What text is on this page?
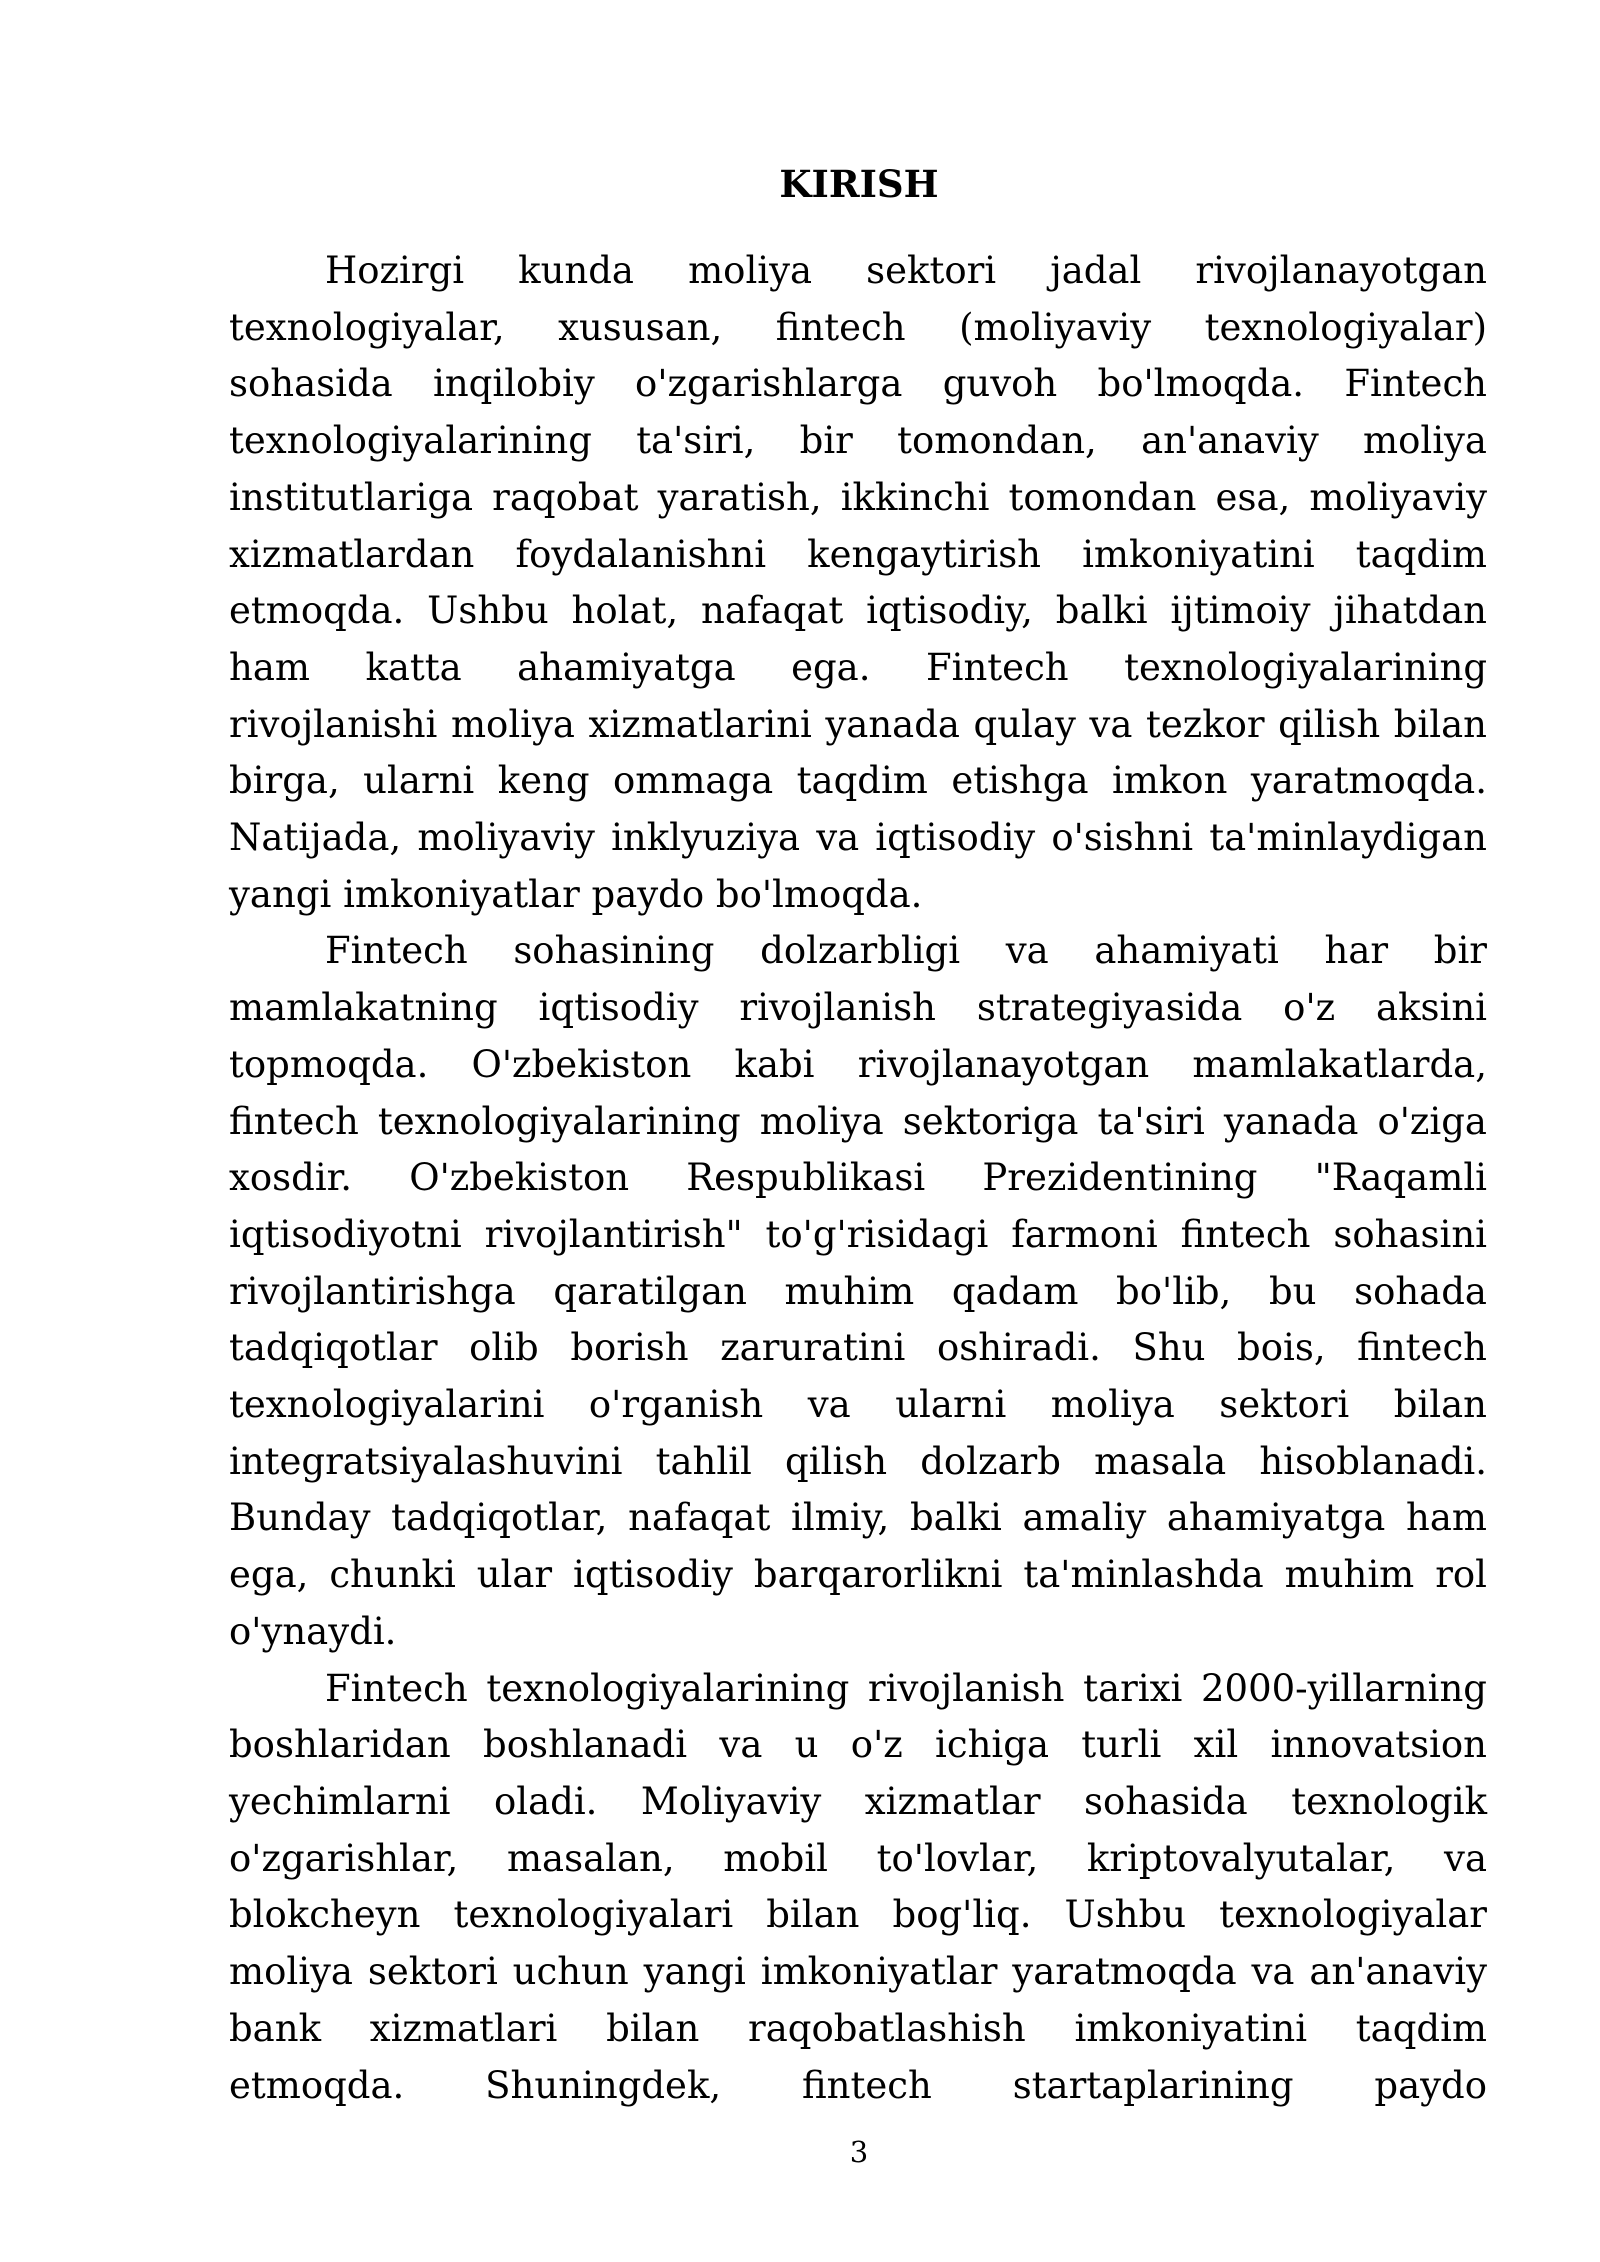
KIRISH

Hozirgi kunda moliya sektori jadal rivojlanayotgan texnologiyalar, xususan, fintech (moliyaviy texnologiyalar) sohasida inqilobiy o'zgarishlarga guvoh bo'lmoqda. Fintech texnologiyalarining ta'siri, bir tomondan, an'anaviy moliya institutlariga raqobat yaratish, ikkinchi tomondan esa, moliyaviy xizmatlardan foydalanishni kengaytirish imkoniyatini taqdim etmoqda. Ushbu holat, nafaqat iqtisodiy, balki ijtimoiy jihatdan ham katta ahamiyatga ega. Fintech texnologiyalarining rivojlanishi moliya xizmatlarini yanada qulay va tezkor qilish bilan birga, ularni keng ommaga taqdim etishga imkon yaratmoqda. Natijada, moliyaviy inklyuziya va iqtisodiy o'sishni ta'minlaydigan yangi imkoniyatlar paydo bo'lmoqda.

Fintech sohasining dolzarbligi va ahamiyati har bir mamlakatning iqtisodiy rivojlanish strategiyasida o'z aksini topmoqda. O'zbekiston kabi rivojlanayotgan mamlakatlarda, fintech texnologiyalarining moliya sektoriga ta'siri yanada o'ziga xosdir. O'zbekiston Respublikasi Prezidentining "Raqamli iqtisodiyotni rivojlantirish" to'g'risidagi farmoni fintech sohasini rivojlantirishga qaratilgan muhim qadam bo'lib, bu sohada tadqiqotlar olib borish zaruratini oshiradi. Shu bois, fintech texnologiyalarini o'rganish va ularni moliya sektori bilan integratsiyalashuvini tahlil qilish dolzarb masala hisoblanadi. Bunday tadqiqotlar, nafaqat ilmiy, balki amaliy ahamiyatga ham ega, chunki ular iqtisodiy barqarorlikni ta'minlashda muhim rol o'ynaydi.

Fintech texnologiyalarining rivojlanish tarixi 2000-yillarning boshlaridan boshlanadi va u o'z ichiga turli xil innovatsion yechimlarni oladi. Moliyaviy xizmatlar sohasida texnologik o'zgarishlar, masalan, mobil to'lovlar, kriptovalyutalar, va blokcheyn texnologiyalari bilan bog'liq. Ushbu texnologiyalar moliya sektori uchun yangi imkoniyatlar yaratmoqda va an'anaviy bank xizmatlari bilan raqobatlashish imkoniyatini taqdim etmoqda. Shuningdek, fintech startaplarining paydo

3
